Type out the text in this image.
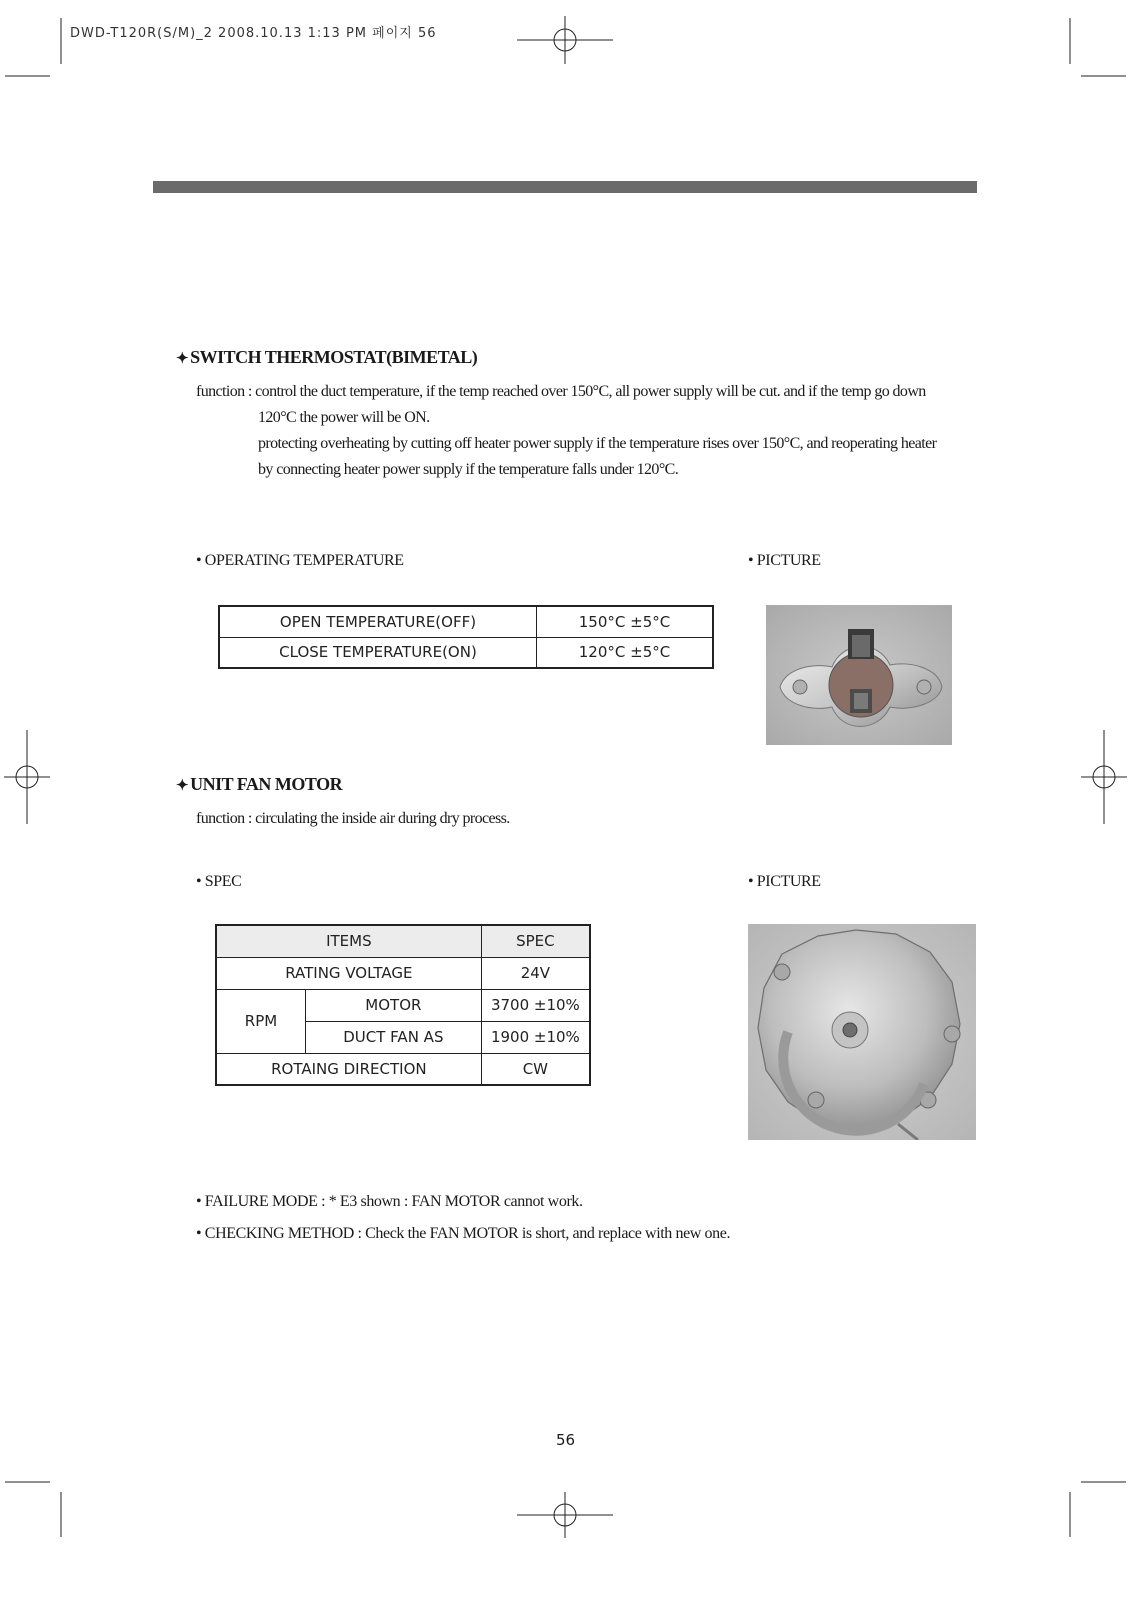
DWD-T120R(S/M)_2 2008.10.13 1:13 PM 페이지 56
✦ SWITCH THERMOSTAT(BIMETAL)
function : control the duct temperature, if the temp reached over 150°C, all power supply will be cut. and if the temp go down
120°C the power will be ON.
protecting overheating by cutting off heater power supply if the temperature rises over 150°C, and reoperating heater
by connecting heater power supply if the temperature falls under 120°C.
• OPERATING TEMPERATURE	• PICTURE
OPEN TEMPERATURE(OFF)	150°C ±5°C
CLOSE TEMPERATURE(ON)	120°C ±5°C
✦ UNIT FAN MOTOR
function : circulating the inside air during dry process.
• SPEC	• PICTURE
ITEMS		SPEC
RATING VOLTAGE		24V
RPM	MOTOR	3700 ±10%
	DUCT FAN AS	1900 ±10%
ROTAING DIRECTION		CW
• FAILURE MODE : * E3 shown : FAN MOTOR cannot work.
• CHECKING METHOD : Check the FAN MOTOR is short, and replace with new one.
56
